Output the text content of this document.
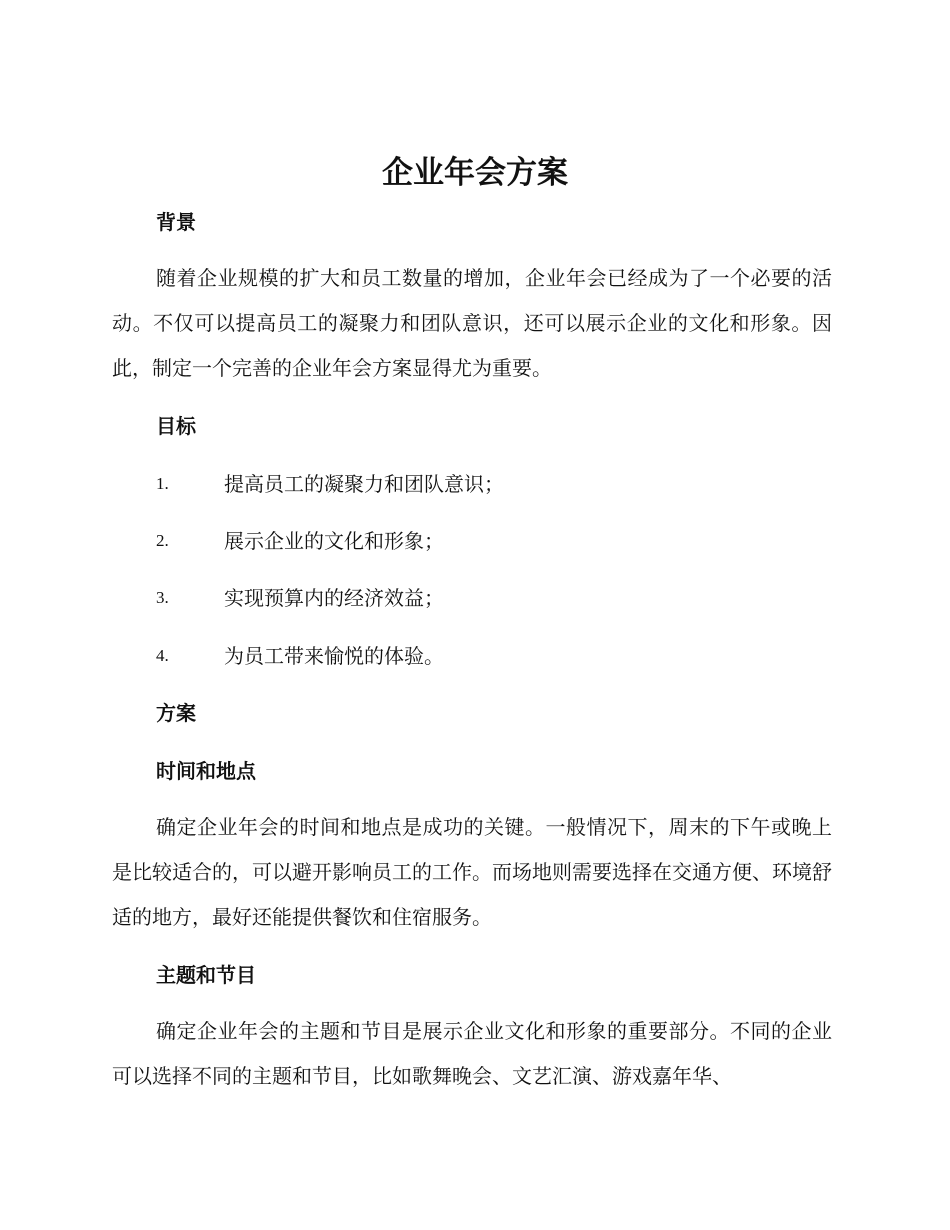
企业年会方案
背景

随着企业规模的扩大和员工数量的增加，企业年会已经成为了一个必要的活动。不仅可以提高员工的凝聚力和团队意识，还可以展示企业的文化和形象。因此，制定一个完善的企业年会方案显得尤为重要。

目标
1.	提高员工的凝聚力和团队意识；
2.	展示企业的文化和形象；
3.	实现预算内的经济效益；
4.	为员工带来愉悦的体验。
方案
时间和地点

确定企业年会的时间和地点是成功的关键。一般情况下，周末的下午或晚上是比较适合的，可以避开影响员工的工作。而场地则需要选择在交通方便、环境舒适的地方，最好还能提供餐饮和住宿服务。

主题和节目

确定企业年会的主题和节目是展示企业文化和形象的重要部分。不同的企业可以选择不同的主题和节目，比如歌舞晚会、文艺汇演、游戏嘉年华、
